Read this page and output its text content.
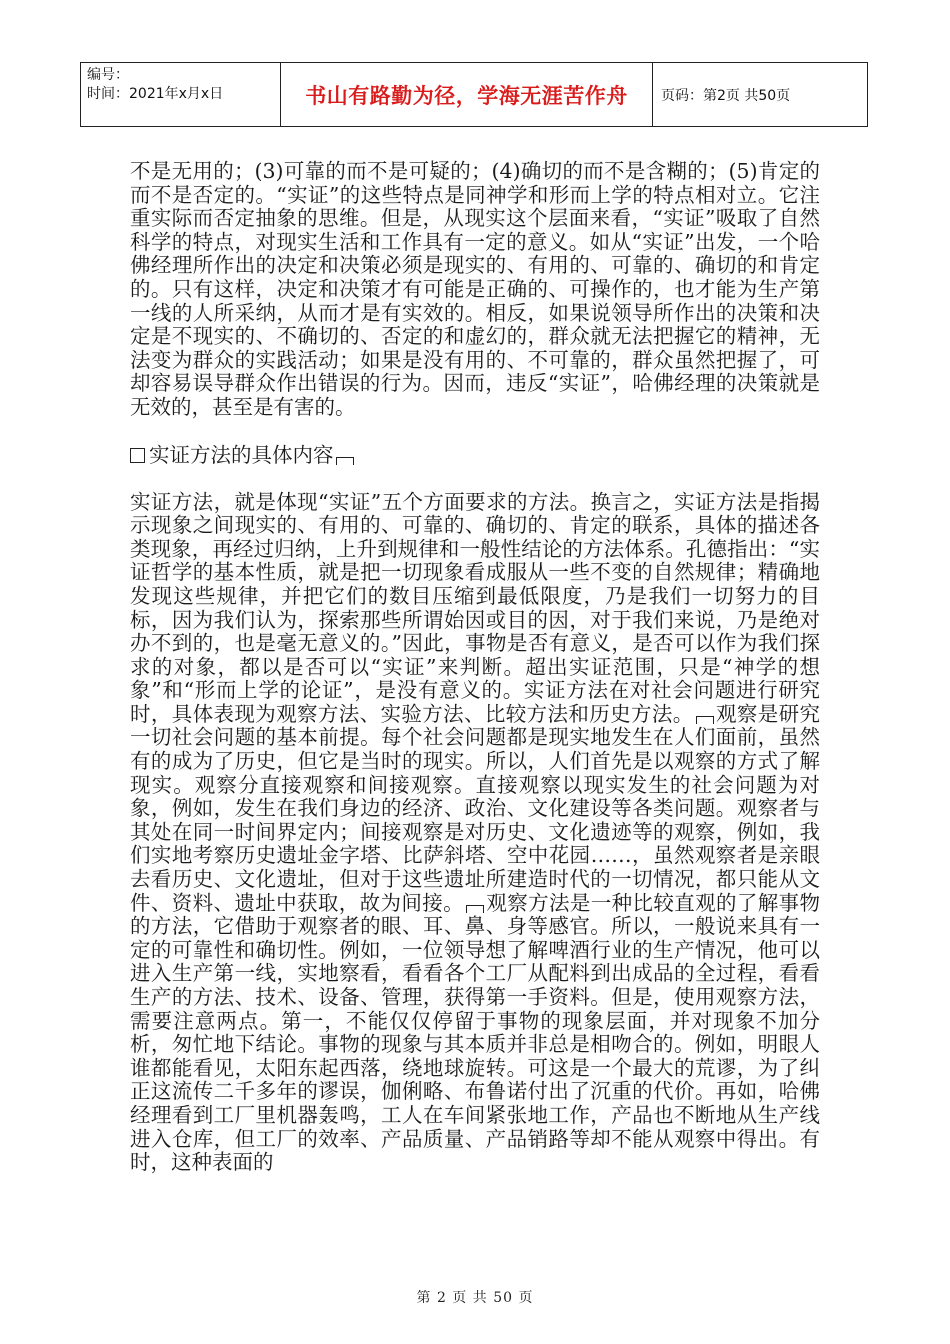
编号：
时间：2021年x月x日	书山有路勤为径，学海无涯苦作舟	页码：第2页 共50页

不是无用的；(3)可靠的而不是可疑的；(4)确切的而不是含糊的；(5)肯定的而不是否定的。“实证”的这些特点是同神学和形而上学的特点相对立。它注重实际而否定抽象的思维。但是，从现实这个层面来看，“实证”吸取了自然科学的特点，对现实生活和工作具有一定的意义。如从“实证”出发，一个哈佛经理所作出的决定和决策必须是现实的、有用的、可靠的、确切的和肯定的。只有这样，决定和决策才有可能是正确的、可操作的，也才能为生产第一线的人所采纳，从而才是有实效的。相反，如果说领导所作出的决策和决定是不现实的、不确切的、否定的和虚幻的，群众就无法把握它的精神，无法变为群众的实践活动；如果是没有用的、不可靠的，群众虽然把握了，可却容易误导群众作出错误的行为。因而，违反“实证”，哈佛经理的决策就是无效的，甚至是有害的。

实证方法的具体内容

实证方法，就是体现“实证”五个方面要求的方法。换言之，实证方法是指揭示现象之间现实的、有用的、可靠的、确切的、肯定的联系，具体的描述各类现象，再经过归纳，上升到规律和一般性结论的方法体系。孔德指出：“实证哲学的基本性质，就是把一切现象看成服从一些不变的自然规律；精确地发现这些规律，并把它们的数目压缩到最低限度，乃是我们一切努力的目标，因为我们认为，探索那些所谓始因或目的因，对于我们来说，乃是绝对办不到的，也是毫无意义的。”因此，事物是否有意义，是否可以作为我们探求的对象，都以是否可以“实证”来判断。超出实证范围，只是“神学的想象”和“形而上学的论证”，是没有意义的。实证方法在对社会问题进行研究时，具体表现为观察方法、实验方法、比较方法和历史方法。 观察是研究一切社会问题的基本前提。每个社会问题都是现实地发生在人们面前，虽然有的成为了历史，但它是当时的现实。所以，人们首先是以观察的方式了解现实。观察分直接观察和间接观察。直接观察以现实发生的社会问题为对象，例如，发生在我们身边的经济、政治、文化建设等各类问题。观察者与其处在同一时间界定内；间接观察是对历史、文化遗迹等的观察，例如，我们实地考察历史遗址金字塔、比萨斜塔、空中花园……，虽然观察者是亲眼去看历史、文化遗址，但对于这些遗址所建造时代的一切情况，都只能从文件、资料、遗址中获取，故为间接。 观察方法是一种比较直观的了解事物的方法，它借助于观察者的眼、耳、鼻、身等感官。所以，一般说来具有一定的可靠性和确切性。例如，一位领导想了解啤酒行业的生产情况，他可以进入生产第一线，实地察看，看看各个工厂从配料到出成品的全过程，看看生产的方法、技术、设备、管理，获得第一手资料。但是，使用观察方法，需要注意两点。第一，不能仅仅停留于事物的现象层面，并对现象不加分析，匆忙地下结论。事物的现象与其本质并非总是相吻合的。例如，明眼人谁都能看见，太阳东起西落，绕地球旋转。可这是一个最大的荒谬，为了纠正这流传二千多年的谬误，伽俐略、布鲁诺付出了沉重的代价。再如，哈佛经理看到工厂里机器轰鸣，工人在车间紧张地工作，产品也不断地从生产线进入仓库，但工厂的效率、产品质量、产品销路等却不能从观察中得出。有时，这种表面的

第 2 页 共 50 页
